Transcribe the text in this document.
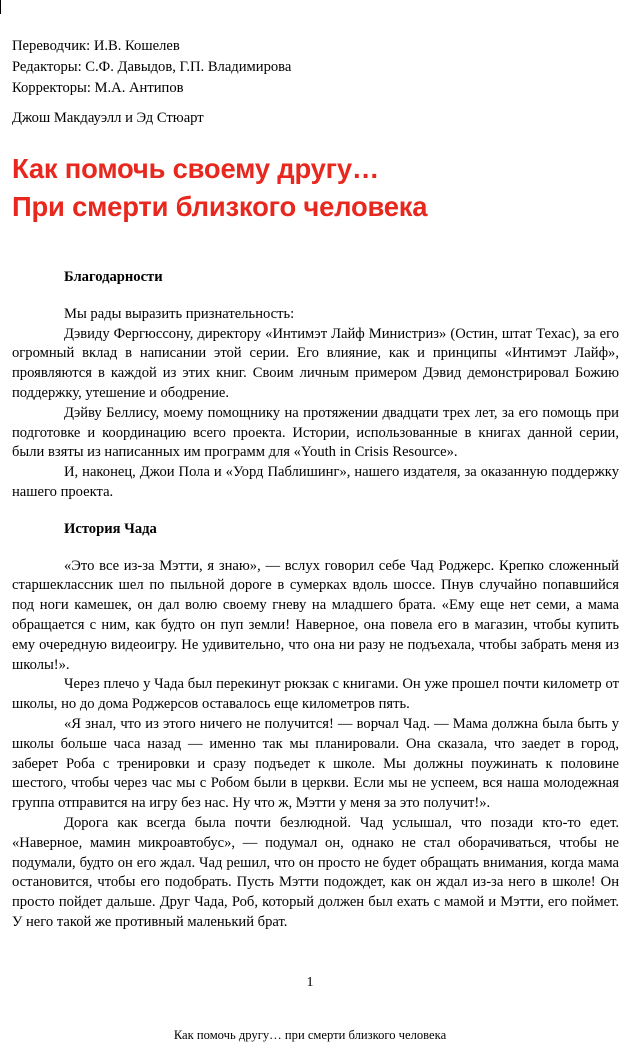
Переводчик: И.В. Кошелев
Редакторы: С.Ф. Давыдов, Г.П. Владимирова
Корректоры: М.А. Антипов
Джош Макдауэлл и Эд Стюарт
Как помочь своему другу…
При смерти близкого человека
Благодарности

Мы рады выразить признательность:

Дэвиду Фергюссону, директору «Интимэт Лайф Министриз» (Остин, штат Техас), за его огромный вклад в написании этой серии. Его влияние, как и принципы «Интимэт Лайф», проявляются в каждой из этих книг. Своим личным примером Дэвид демонстрировал Божию поддержку, утешение и ободрение.

Дэйву Беллису, моему помощнику на протяжении двадцати трех лет, за его помощь при подготовке и координацию всего проекта. Истории, использованные в книгах данной серии, были взяты из написанных им программ для «Youth in Crisis Resource».

И, наконец, Джои Пола и «Уорд Паблишинг», нашего издателя, за оказанную поддержку нашего проекта.

История Чада

«Это все из-за Мэтти, я знаю», — вслух говорил себе Чад Роджерс. Крепко сложенный старшеклассник шел по пыльной дороге в сумерках вдоль шоссе. Пнув случайно попавшийся под ноги камешек, он дал волю своему гневу на младшего брата. «Ему еще нет семи, а мама обращается с ним, как будто он пуп земли! Наверное, она повела его в магазин, чтобы купить ему очередную видеоигру. Не удивительно, что она ни разу не подъехала, чтобы забрать меня из школы!».

Через плечо у Чада был перекинут рюкзак с книгами. Он уже прошел почти километр от школы, но до дома Роджерсов оставалось еще километров пять.

«Я знал, что из этого ничего не получится! — ворчал Чад. — Мама должна была быть у школы больше часа назад — именно так мы планировали. Она сказала, что заедет в город, заберет Роба с тренировки и сразу подъедет к школе. Мы должны поужинать к половине шестого, чтобы через час мы с Робом были в церкви. Если мы не успеем, вся наша молодежная группа отправится на игру без нас. Ну что ж, Мэтти у меня за это получит!».

Дорога как всегда была почти безлюдной. Чад услышал, что позади кто-то едет. «Наверное, мамин микроавтобус», — подумал он, однако не стал оборачиваться, чтобы не подумали, будто он его ждал. Чад решил, что он просто не будет обращать внимания, когда мама остановится, чтобы его подобрать. Пусть Мэтти подождет, как он ждал из-за него в школе! Он просто пойдет дальше. Друг Чада, Роб, который должен был ехать с мамой и Мэтти, его поймет. У него такой же противный маленький брат.

1
Как помочь другу… при смерти близкого человека
